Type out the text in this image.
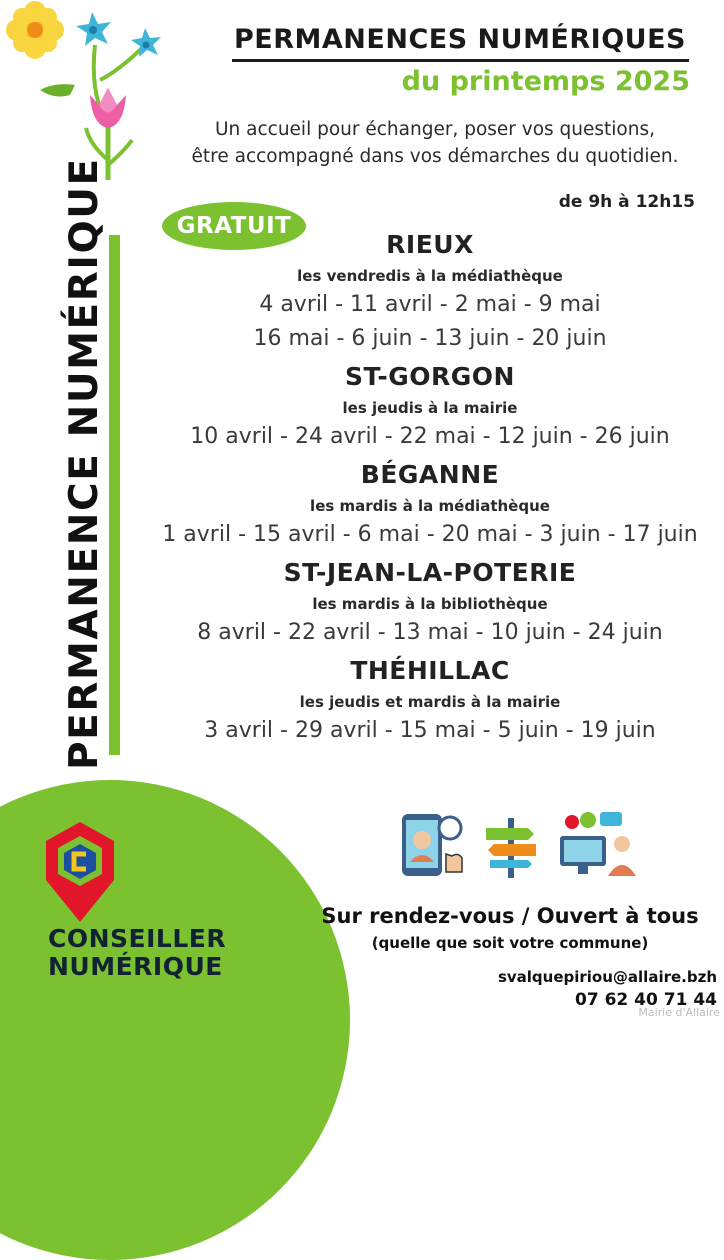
PERMANENCES NUMÉRIQUES
du printemps 2025
Un accueil pour échanger, poser vos questions,
être accompagné dans vos démarches du quotidien.
de 9h à 12h15
PERMANENCE NUMÉRIQUE	GRATUIT
RIEUX
les vendredis à la médiathèque
4 avril - 11 avril - 2 mai - 9 mai
16 mai - 6 juin - 13 juin - 20 juin
ST-GORGON
les jeudis à la mairie
10 avril - 24 avril - 22 mai - 12 juin - 26 juin
BÉGANNE
les mardis à la médiathèque
1 avril - 15 avril - 6 mai - 20 mai - 3 juin - 17 juin
ST-JEAN-LA-POTERIE
les mardis à la bibliothèque
8 avril - 22 avril - 13 mai - 10 juin - 24 juin
THÉHILLAC
les jeudis et mardis à la mairie
3 avril - 29 avril - 15 mai - 5 juin - 19 juin
CONSEILLER
NUMÉRIQUE
Sur rendez-vous / Ouvert à tous
(quelle que soit votre commune)
svalquepiriou@allaire.bzh
07 62 40 71 44
Mairie d'Allaire
